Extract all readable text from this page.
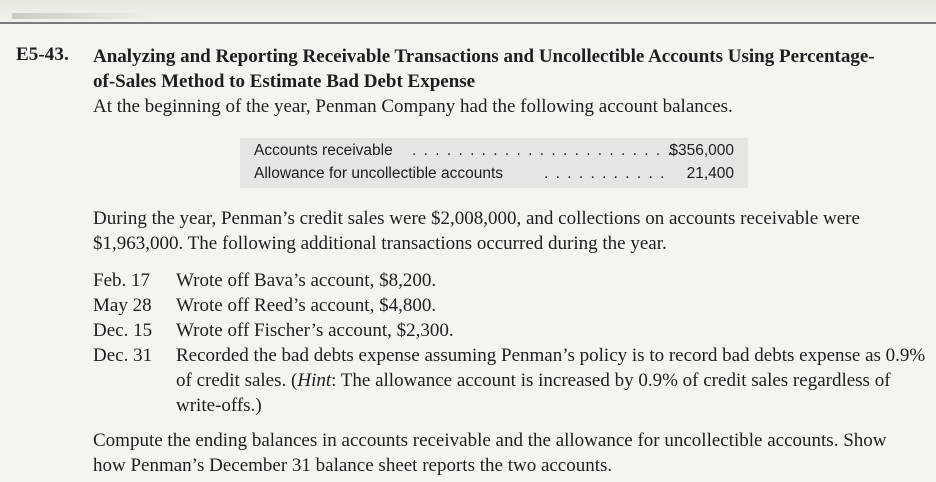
E5-43. Analyzing and Reporting Receivable Transactions and Uncollectible Accounts Using Percentage-
of-Sales Method to Estimate Bad Debt Expense
At the beginning of the year, Penman Company had the following account balances.
Accounts receivable . . . . . . . . . . . . . . . . . . . . . . . .
$356,000
Allowance for uncollectible accounts	. . . . . . . . . . . 21,400
During the year, Penman’s credit sales were $2,008,000, and collections on accounts receivable were $1,963,000. The following additional transactions occurred during the year.
Feb. 17 Wrote off Bava’s account, $8,200.
May 28 Wrote off Reed’s account, $4,800.
Dec. 15 Wrote off Fischer’s account, $2,300.
Dec. 31 Recorded the bad debts expense assuming Penman’s policy is to record bad debts expense as 0.9% of credit sales. (Hint: The allowance account is increased by 0.9% of credit sales regardless of write-offs.)
Compute the ending balances in accounts receivable and the allowance for uncollectible accounts. Show how Penman’s December 31 balance sheet reports the two accounts.
